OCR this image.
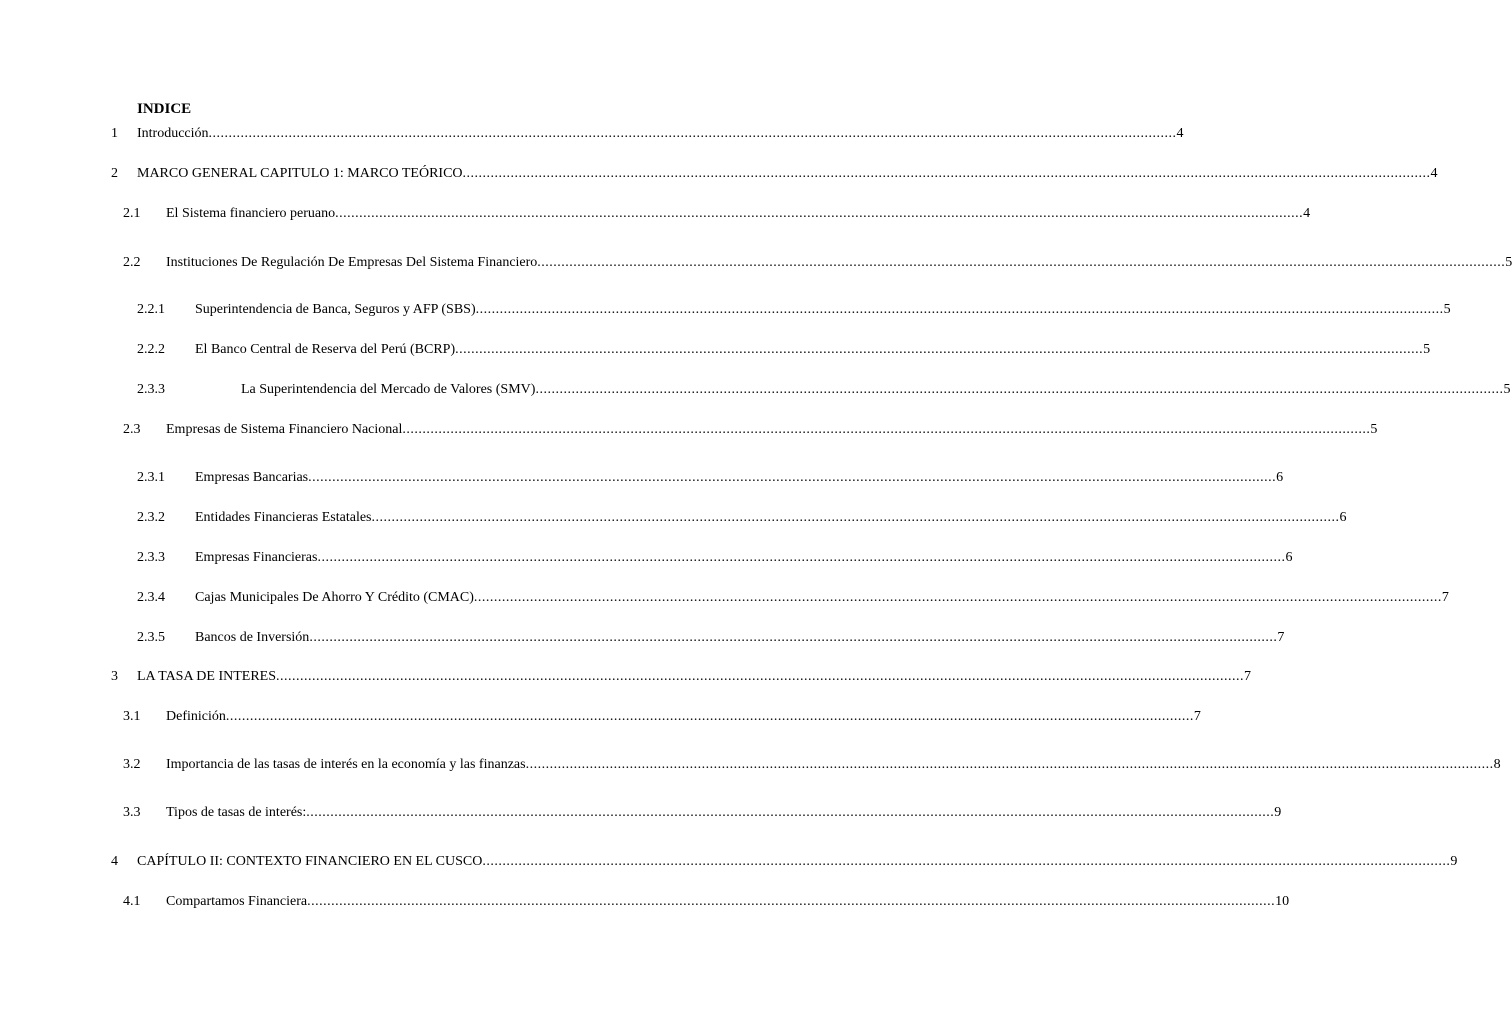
INDICE
1	Introducción .................................................................................................................................................................................................................................................. 4
2	MARCO GENERAL CAPITULO 1: MARCO TEÓRICO .................................................................................................................................................................................................................................................. 4
2.1	El Sistema financiero peruano .................................................................................................................................................................................................................................................. 4
2.2	Instituciones De Regulación De Empresas Del Sistema Financiero .................................................................................................................................................................................................................................................. 5
2.2.1	Superintendencia de Banca, Seguros y AFP (SBS) .................................................................................................................................................................................................................................................. 5
2.2.2	El Banco Central de Reserva del Perú (BCRP) .................................................................................................................................................................................................................................................. 5
2.3.3	La Superintendencia del Mercado de Valores (SMV) .................................................................................................................................................................................................................................................. 5
2.3	Empresas de Sistema Financiero Nacional .................................................................................................................................................................................................................................................. 5
2.3.1	Empresas Bancarias .................................................................................................................................................................................................................................................. 6
2.3.2	Entidades Financieras Estatales .................................................................................................................................................................................................................................................. 6
2.3.3	Empresas Financieras .................................................................................................................................................................................................................................................. 6
2.3.4	Cajas Municipales De Ahorro Y Crédito (CMAC) .................................................................................................................................................................................................................................................. 7
2.3.5	Bancos de Inversión .................................................................................................................................................................................................................................................. 7
3	LA TASA DE INTERES .................................................................................................................................................................................................................................................. 7
3.1	Definición .................................................................................................................................................................................................................................................. 7
3.2	Importancia de las tasas de interés en la economía y las finanzas .................................................................................................................................................................................................................................................. 8
3.3	Tipos de tasas de interés: .................................................................................................................................................................................................................................................. 9
4	CAPÍTULO II: CONTEXTO FINANCIERO EN EL CUSCO .................................................................................................................................................................................................................................................. 9
4.1	Compartamos Financiera .................................................................................................................................................................................................................................................. 10
